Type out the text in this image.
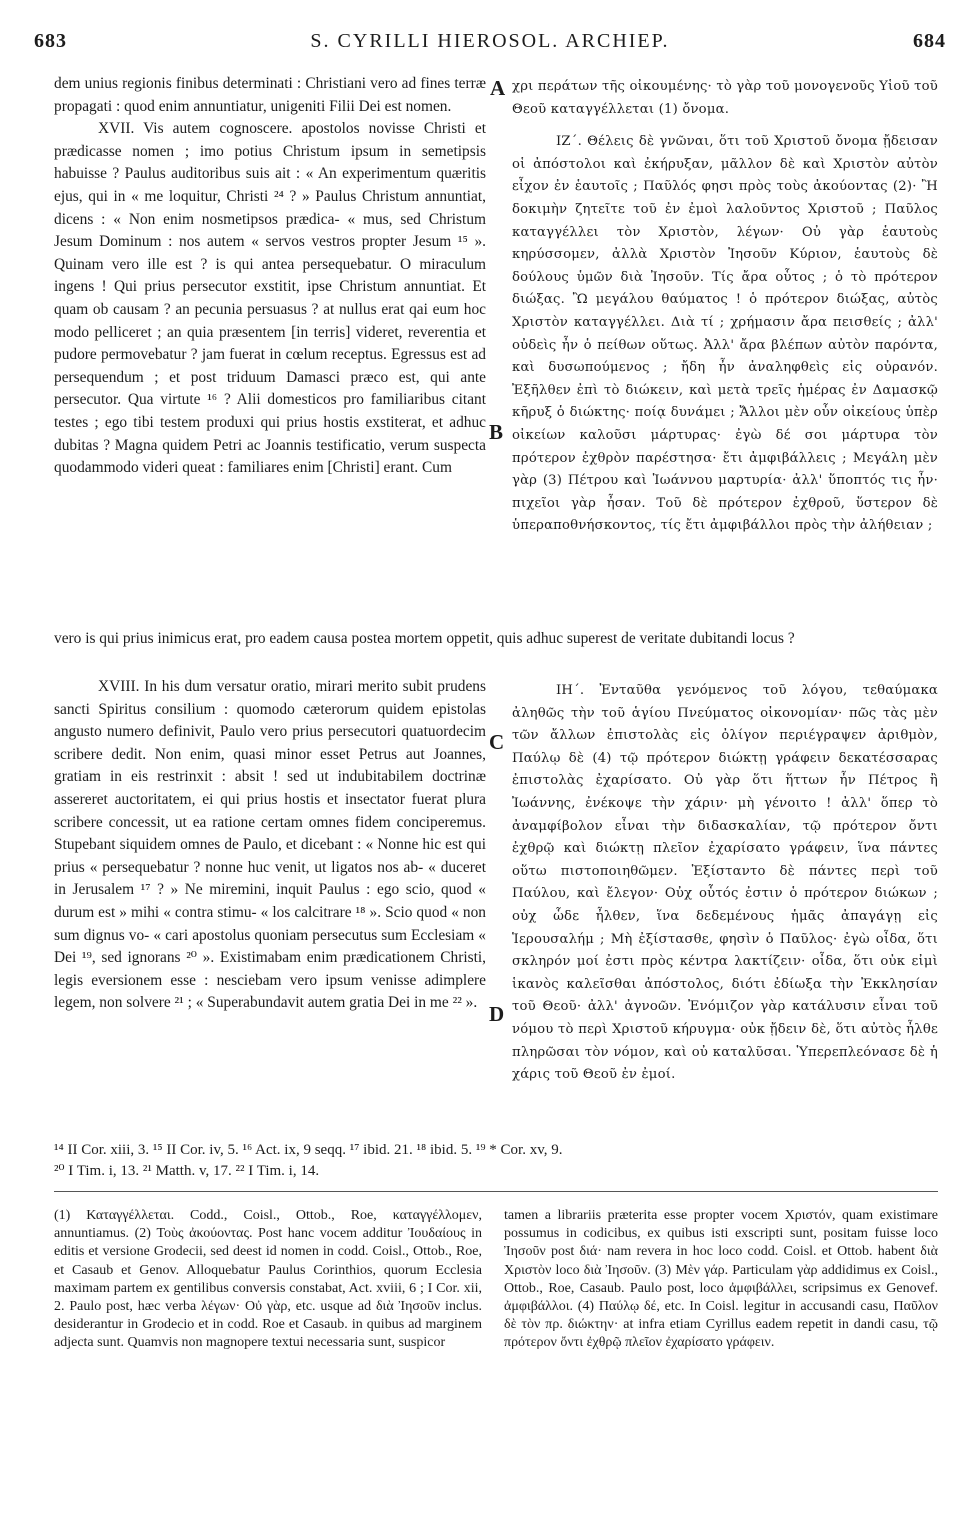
683	S. CYRILLI HIEROSOL. ARCHIEP.	684
A
B
C
D

dem unius regionis finibus determinati : Christiani vero ad fines terræ propagati : quod enim annuntiatur, unigeniti Filii Dei est nomen.

XVII. Vis autem cognoscere. apostolos novisse Christi et prædicasse nomen ; imo potius Christum ipsum in semetipsis habuisse ? Paulus auditoribus suis ait : « An experimentum quæritis ejus, qui in « me loquitur, Christi ²⁴ ? » Paulus Christum annuntiat, dicens : « Non enim nosmetipsos prædica- « mus, sed Christum Jesum Dominum : nos autem « servos vestros propter Jesum ¹⁵ ». Quinam vero ille est ? is qui antea persequebatur. O miraculum ingens ! Qui prius persecutor exstitit, ipse Christum annuntiat. Et quam ob causam ? an pecunia persuasus ? at nullus erat qai eum hoc modo pelliceret ; an quia præsentem [in terris] videret, reverentia et pudore permovebatur ? jam fuerat in cœlum receptus. Egressus est ad persequendum ; et post triduum Damasci præco est, qui ante persecutor. Qua virtute ¹⁶ ? Alii domesticos pro familiaribus citant testes ; ego tibi testem produxi qui prius hostis exstiterat, et adhuc dubitas ? Magna quidem Petri ac Joannis testificatio, verum suspecta quodammodo videri queat : familiares enim [Christi] erant. Cum

χρι περάτων τῆς οἰκουμένης· τὸ γὰρ τοῦ μονογενοῦς Υἱοῦ τοῦ Θεοῦ καταγγέλλεται (1) ὄνομα.

ΙΖ΄. Θέλεις δὲ γνῶναι, ὅτι τοῦ Χριστοῦ ὄνομα ᾔδεισαν οἱ ἀπόστολοι καὶ ἐκήρυξαν, μᾶλλον δὲ καὶ Χριστὸν αὐτὸν εἶχον ἐν ἑαυτοῖς ; Παῦλός φησι πρὸς τοὺς ἀκούοντας (2)· Ἢ δοκιμὴν ζητεῖτε τοῦ ἐν ἐμοὶ λαλοῦντος Χριστοῦ ; Παῦλος καταγγέλλει τὸν Χριστὸν, λέγων· Οὐ γὰρ ἑαυτοὺς κηρύσσομεν, ἀλλὰ Χριστὸν Ἰησοῦν Κύριον, ἑαυτοὺς δὲ δούλους ὑμῶν διὰ Ἰησοῦν. Τίς ἄρα οὗτος ; ὁ τὸ πρότερον διώξας. Ὢ μεγάλου θαύματος ! ὁ πρότερον διώξας, αὐτὸς Χριστὸν καταγγέλλει. Διὰ τί ; χρήμασιν ἄρα πεισθείς ; ἀλλ' οὐδεὶς ἦν ὁ πείθων οὕτως. Ἀλλ' ἄρα βλέπων αὐτὸν παρόντα, καὶ δυσωπούμενος ; ἤδη ἦν ἀναληφθεὶς εἰς οὐρανόν. Ἐξῆλθεν ἐπὶ τὸ διώκειν, καὶ μετὰ τρεῖς ἡμέρας ἐν Δαμασκῷ κῆρυξ ὁ διώκτης· ποίᾳ δυνάμει ; Ἄλλοι μὲν οὖν οἰκείους ὑπὲρ οἰκείων καλοῦσι μάρτυρας· ἐγὼ δέ σοι μάρτυρα τὸν πρότερον ἐχθρὸν παρέστησα· ἔτι ἀμφιβάλλεις ; Μεγάλη μὲν γὰρ (3) Πέτρου καὶ Ἰωάννου μαρτυρία· ἀλλ' ὕποπτός τις ἦν· πιχεῖοι γὰρ ἦσαν. Τοῦ δὲ πρότερον ἐχθροῦ, ὕστερον δὲ ὑπεραποθνήσκοντος, τίς ἔτι ἀμφιβάλλοι πρὸς τὴν ἀλήθειαν ;

vero is qui prius inimicus erat, pro eadem causa postea mortem oppetit, quis adhuc superest de veritate dubitandi locus ?

XVIII. In his dum versatur oratio, mirari merito subit prudens sancti Spiritus consilium : quomodo cæterorum quidem epistolas angusto numero definivit, Paulo vero prius persecutori quatuordecim scribere dedit. Non enim, quasi minor esset Petrus aut Joannes, gratiam in eis restrinxit : absit ! sed ut indubitabilem doctrinæ assereret auctoritatem, ei qui prius hostis et insectator fuerat plura scribere concessit, ut ea ratione certam omnes fidem conciperemus. Stupebant siquidem omnes de Paulo, et dicebant : « Nonne hic est qui prius « persequebatur ? nonne huc venit, ut ligatos nos ab- « duceret in Jerusalem ¹⁷ ? » Ne miremini, inquit Paulus : ego scio, quod « durum est » mihi « contra stimu- « los calcitrare ¹⁸ ». Scio quod « non sum dignus vo- « cari apostolus quoniam persecutus sum Ecclesiam « Dei ¹⁹, sed ignorans ²⁰ ». Existimabam enim prædicationem Christi, legis eversionem esse : nesciebam vero ipsum venisse adimplere legem, non solvere ²¹ ; « Superabundavit autem gratia Dei in me ²² ».

ΙΗ΄. Ἐνταῦθα γενόμενος τοῦ λόγου, τεθαύμακα ἀληθῶς τὴν τοῦ ἁγίου Πνεύματος οἰκονομίαν· πῶς τὰς μὲν τῶν ἄλλων ἐπιστολὰς εἰς ὀλίγον περιέγραψεν ἀριθμὸν, Παύλῳ δὲ (4) τῷ πρότερον διώκτῃ γράφειν δεκατέσσαρας ἐπιστολὰς ἐχαρίσατο. Οὐ γὰρ ὅτι ἥττων ἦν Πέτρος ἢ Ἰωάννης, ἐνέκοψε τὴν χάριν· μὴ γένοιτο ! ἀλλ' ὅπερ τὸ ἀναμφίβολον εἶναι τὴν διδασκαλίαν, τῷ πρότερον ὄντι ἐχθρῷ καὶ διώκτῃ πλεῖον ἐχαρίσατο γράφειν, ἵνα πάντες οὕτω πιστοποιηθῶμεν. Ἐξίσταντο δὲ πάντες περὶ τοῦ Παύλου, καὶ ἔλεγον· Οὐχ οὗτός ἐστιν ὁ πρότερον διώκων ; οὐχ ὧδε ἦλθεν, ἵνα δεδεμένους ἡμᾶς ἀπαγάγῃ εἰς Ἱερουσαλήμ ; Μὴ ἐξίστασθε, φησὶν ὁ Παῦλος· ἐγὼ οἶδα, ὅτι σκληρόν μοί ἐστι πρὸς κέντρα λακτίζειν· οἶδα, ὅτι οὐκ εἰμὶ ἱκανὸς καλεῖσθαι ἀπόστολος, διότι ἐδίωξα τὴν Ἐκκλησίαν τοῦ Θεοῦ· ἀλλ' ἀγνοῶν. Ἐνόμιζον γὰρ κατάλυσιν εἶναι τοῦ νόμου τὸ περὶ Χριστοῦ κήρυγμα· οὐκ ᾔδειν δὲ, ὅτι αὐτὸς ἦλθε πληρῶσαι τὸν νόμον, καὶ οὐ καταλῦσαι. Ὑπερεπλεόνασε δὲ ἡ χάρις τοῦ Θεοῦ ἐν ἐμοί.

¹⁴ II Cor. xiii, 3. ¹⁵ II Cor. iv, 5. ¹⁶ Act. ix, 9 seqq. ¹⁷ ibid. 21. ¹⁸ ibid. 5. ¹⁹ * Cor. xv, 9.
²⁰ I Tim. i, 13. ²¹ Matth. v, 17. ²² I Tim. i, 14.
(1) Καταγγέλλεται. Codd., Coisl., Ottob., Roe, καταγγέλλομεν, annuntiamus. (2) Τοὺς ἀκούοντας. Post hanc vocem additur Ἰουδαίους in editis et versione Grodecii, sed deest id nomen in codd. Coisl., Ottob., Roe, et Casaub et Genov. Alloquebatur Paulus Corinthios, quorum Ecclesia maximam partem ex gentilibus conversis constabat, Act. xviii, 6 ; I Cor. xii, 2. Paulo post, hæc verba λέγων· Οὐ γὰρ, etc. usque ad διὰ Ἰησοῦν inclus. desiderantur in Grodecio et in codd. Roe et Casaub. in quibus ad marginem adjecta sunt. Quamvis non magnopere textui necessaria sunt, suspicor
tamen a librariis præterita esse propter vocem Χριστόν, quam existimare possumus in codicibus, ex quibus isti exscripti sunt, positam fuisse loco Ἰησοῦν post διά· nam revera in hoc loco codd. Coisl. et Ottob. habent διὰ Χριστὸν loco διὰ Ἰησοῦν. (3) Μὲν γάρ. Particulam γὰρ addidimus ex Coisl., Ottob., Roe, Casaub. Paulo post, loco ἀμφιβάλλει, scripsimus ex Genovef. ἀμφιβάλλοι. (4) Παύλῳ δέ, etc. In Coisl. legitur in accusandi casu, Παῦλον δὲ τὸν πρ. διώκτην· at infra etiam Cyrillus eadem repetit in dandi casu, τῷ πρότερον ὄντι ἐχθρῷ πλεῖον ἐχαρίσατο γράφειν.
